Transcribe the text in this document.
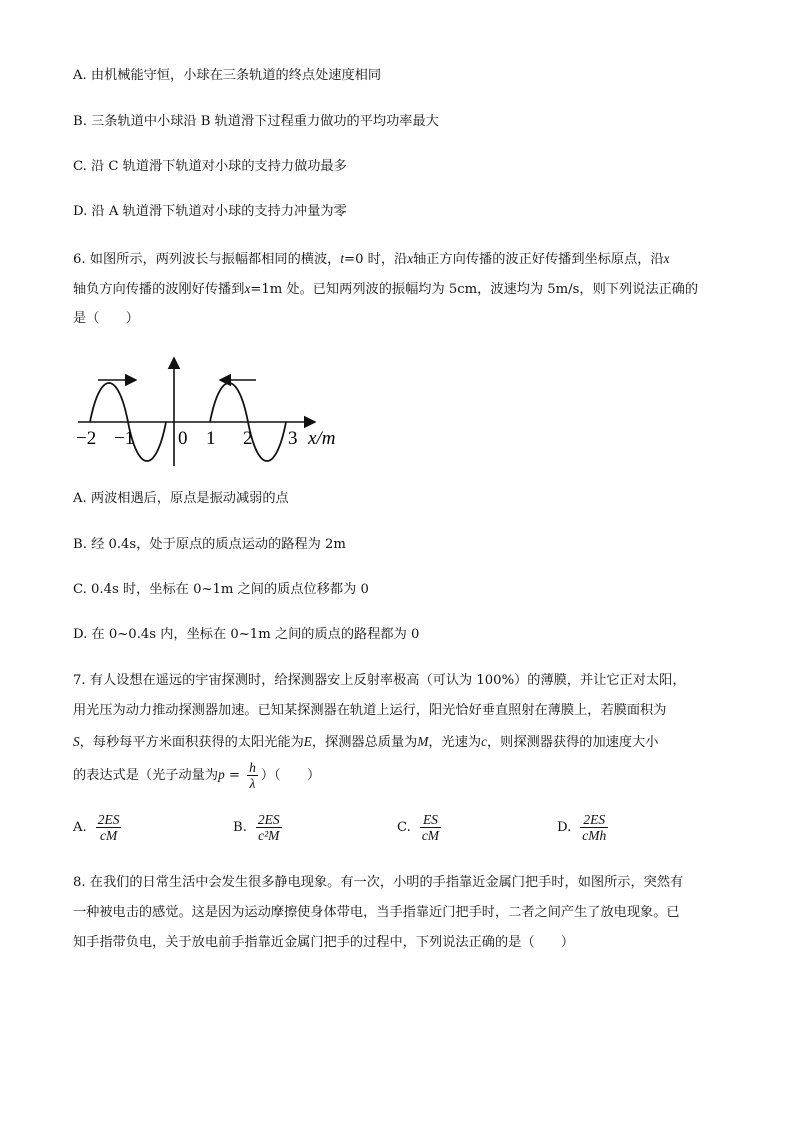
A. 由机械能守恒，小球在三条轨道的终点处速度相同
B. 三条轨道中小球沿 B 轨道滑下过程重力做功的平均功率最大
C. 沿 C 轨道滑下轨道对小球的支持力做功最多
D. 沿 A 轨道滑下轨道对小球的支持力冲量为零
6. 如图所示，两列波长与振幅都相同的横波，t=0 时，沿x轴正方向传播的波正好传播到坐标原点，沿x
轴负方向传播的波刚好传播到x=1m 处。已知两列波的振幅均为 5cm，波速均为 5m/s，则下列说法正确的
是（　　）
−2 −1 0 1 2 3 x/m
A. 两波相遇后，原点是振动减弱的点
B. 经 0.4s，处于原点的质点运动的路程为 2m
C. 0.4s 时，坐标在 0~1m 之间的质点位移都为 0
D. 在 0~0.4s 内，坐标在 0~1m 之间的质点的路程都为 0
7. 有人设想在遥远的宇宙探测时，给探测器安上反射率极高（可认为 100%）的薄膜，并让它正对太阳，
用光压为动力推动探测器加速。已知某探测器在轨道上运行，阳光恰好垂直照射在薄膜上，若膜面积为
S，每秒每平方米面积获得的太阳光能为E，探测器总质量为M，光速为c，则探测器获得的加速度大小
的表达式是（光子动量为$p = \frac{h}{\lambda}$ ）（　　）
A. $\frac{2ES}{cM}$	B. $\frac{2ES}{\text{c²M}}$	C. $\frac{ES}{cM}$	D. $\frac{2ES}{\text{cMh}}$
8. 在我们的日常生活中会发生很多静电现象。有一次，小明的手指靠近金属门把手时，如图所示，突然有
一种被电击的感觉。这是因为运动摩擦使身体带电，当手指靠近门把手时，二者之间产生了放电现象。已
知手指带负电，关于放电前手指靠近金属门把手的过程中，下列说法正确的是（　　）
